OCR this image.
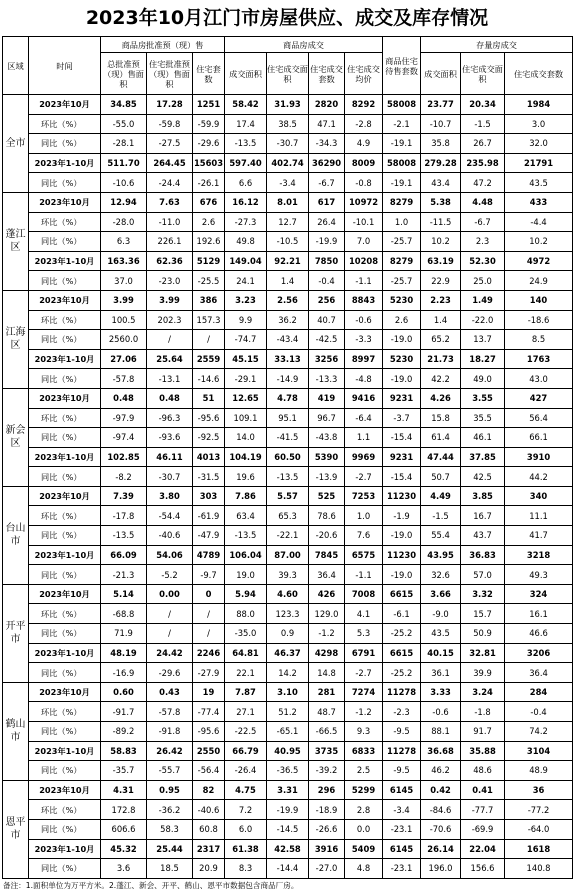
2023年10月江门市房屋供应、成交及库存情况
区域	时间	商品房批准预（现）售			商品房成交				商品住宅待售套数	存量房成交		
		总批准预（现）售面积	住宅批准预（现）售面积	住宅套数	成交面积	住宅成交面积	住宅成交套数	住宅成交均价		成交面积	住宅成交面积	住宅成交套数
全市	2023年10月	34.85	17.28	1251	58.42	31.93	2820	8292	58008	23.77	20.34	1984
	环比（%）	-55.0	-59.8	-59.9	17.4	38.5	47.1	-2.8	-2.1	-10.7	-1.5	3.0
	同比（%）	-28.1	-27.5	-29.6	-13.5	-30.7	-34.3	4.9	-19.1	35.8	26.7	32.0
	2023年1-10月	511.70	264.45	15603	597.40	402.74	36290	8009	58008	279.28	235.98	21791
	同比（%）	-10.6	-24.4	-26.1	6.6	-3.4	-6.7	-0.8	-19.1	43.4	47.2	43.5
蓬江区	2023年10月	12.94	7.63	676	16.12	8.01	617	10972	8279	5.38	4.48	433
	环比（%）	-28.0	-11.0	2.6	-27.3	12.7	26.4	-10.1	1.0	-11.5	-6.7	-4.4
	同比（%）	6.3	226.1	192.6	49.8	-10.5	-19.9	7.0	-25.7	10.2	2.3	10.2
	2023年1-10月	163.36	62.36	5129	149.04	92.21	7850	10208	8279	63.19	52.30	4972
	同比（%）	37.0	-23.0	-25.5	24.1	1.4	-0.4	-1.1	-25.7	22.9	25.0	24.9
江海区	2023年10月	3.99	3.99	386	3.23	2.56	256	8843	5230	2.23	1.49	140
	环比（%）	100.5	202.3	157.3	9.9	36.2	40.7	-0.6	2.6	1.4	-22.0	-18.6
	同比（%）	2560.0	/	/	-74.7	-43.4	-42.5	-3.3	-19.0	65.2	13.7	8.5
	2023年1-10月	27.06	25.64	2559	45.15	33.13	3256	8997	5230	21.73	18.27	1763
	同比（%）	-57.8	-13.1	-14.6	-29.1	-14.9	-13.3	-4.8	-19.0	42.2	49.0	43.0
新会区	2023年10月	0.48	0.48	51	12.65	4.78	419	9416	9231	4.26	3.55	427
	环比（%）	-97.9	-96.3	-95.6	109.1	95.1	96.7	-6.4	-3.7	15.8	35.5	56.4
	同比（%）	-97.4	-93.6	-92.5	14.0	-41.5	-43.8	1.1	-15.4	61.4	46.1	66.1
	2023年1-10月	102.85	46.11	4013	104.19	60.50	5390	9969	9231	47.44	37.85	3910
	同比（%）	-8.2	-30.7	-31.5	19.6	-13.5	-13.9	-2.7	-15.4	50.7	42.5	44.2
台山市	2023年10月	7.39	3.80	303	7.86	5.57	525	7253	11230	4.49	3.85	340
	环比（%）	-17.8	-54.4	-61.9	63.4	65.3	78.6	1.0	-1.9	-1.5	16.7	11.1
	同比（%）	-13.5	-40.6	-47.9	-13.5	-22.1	-20.6	7.6	-19.0	55.4	43.7	41.7
	2023年1-10月	66.09	54.06	4789	106.04	87.00	7845	6575	11230	43.95	36.83	3218
	同比（%）	-21.3	-5.2	-9.7	19.0	39.3	36.4	-1.1	-19.0	32.6	57.0	49.3
开平市	2023年10月	5.14	0.00	0	5.94	4.60	426	7008	6615	3.66	3.32	324
	环比（%）	-68.8	/	/	88.0	123.3	129.0	4.1	-6.1	-9.0	15.7	16.1
	同比（%）	71.9	/	/	-35.0	0.9	-1.2	5.3	-25.2	43.5	50.9	46.6
	2023年1-10月	48.19	24.42	2246	64.81	46.37	4298	6791	6615	40.15	32.81	3206
	同比（%）	-16.9	-29.6	-27.9	22.1	14.2	14.8	-2.7	-25.2	36.1	39.9	36.4
鹤山市	2023年10月	0.60	0.43	19	7.87	3.10	281	7274	11278	3.33	3.24	284
	环比（%）	-91.7	-57.8	-77.4	27.1	51.2	48.7	-1.2	-2.3	-0.6	-1.8	-0.4
	同比（%）	-89.2	-91.8	-95.6	-22.5	-65.1	-66.5	9.3	-9.5	88.1	91.7	74.2
	2023年1-10月	58.83	26.42	2550	66.79	40.95	3735	6833	11278	36.68	35.88	3104
	同比（%）	-35.7	-55.7	-56.4	-26.4	-36.5	-39.2	2.5	-9.5	46.2	48.6	48.9
恩平市	2023年10月	4.31	0.95	82	4.75	3.31	296	5299	6145	0.42	0.41	36
	环比（%）	172.8	-36.2	-40.6	7.2	-19.9	-18.9	2.8	-3.4	-84.6	-77.7	-77.2
	同比（%）	606.6	58.3	60.8	6.0	-14.5	-26.6	0.0	-23.1	-70.6	-69.9	-64.0
	2023年1-10月	45.32	25.44	2317	61.38	42.58	3916	5409	6145	26.14	22.04	1618
	同比（%）	3.6	18.5	20.9	8.3	-14.4	-27.0	4.8	-23.1	196.0	156.6	140.8
备注：1.面积单位为万平方米。2.蓬江、新会、开平、鹤山、恩平市数据包含商品厂房。
